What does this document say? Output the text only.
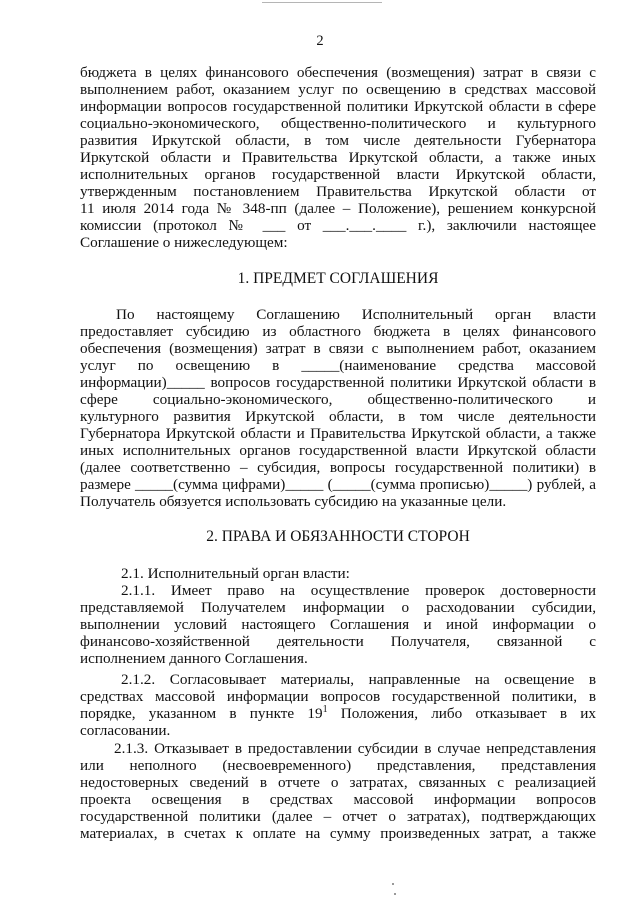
2
бюджета в целях финансового обеспечения (возмещения) затрат в связи с
выполнением работ, оказанием услуг по освещению в средствах массовой
информации вопросов государственной политики Иркутской области в сфере
социально-экономического, общественно-политического и культурного
развития Иркутской области, в том числе деятельности Губернатора
Иркутской области и Правительства Иркутской области, а также иных
исполнительных органов государственной власти Иркутской области,
утвержденным постановлением Правительства Иркутской области от
11 июля 2014 года № 348-пп (далее – Положение), решением конкурсной
комиссии (протокол № ___ от ___.___.____ г.), заключили настоящее
Соглашение о нижеследующем:
1. ПРЕДМЕТ СОГЛАШЕНИЯ
По настоящему Соглашению Исполнительный орган власти
предоставляет субсидию из областного бюджета в целях финансового
обеспечения (возмещения) затрат в связи с выполнением работ, оказанием
услуг по освещению в _____(наименование средства массовой
информации)_____ вопросов государственной политики Иркутской области в
сфере социально-экономического, общественно-политического и
культурного развития Иркутской области, в том числе деятельности
Губернатора Иркутской области и Правительства Иркутской области, а также
иных исполнительных органов государственной власти Иркутской области
(далее соответственно – субсидия, вопросы государственной политики) в
размере _____(сумма цифрами)_____ (_____(сумма прописью)_____) рублей, а
Получатель обязуется использовать субсидию на указанные цели.
2. ПРАВА И ОБЯЗАННОСТИ СТОРОН
2.1. Исполнительный орган власти:
2.1.1. Имеет право на осуществление проверок достоверности
представляемой Получателем информации о расходовании субсидии,
выполнении условий настоящего Соглашения и иной информации о
финансово-хозяйственной деятельности Получателя, связанной с
исполнением данного Соглашения.
2.1.2. Согласовывает материалы, направленные на освещение в
средствах массовой информации вопросов государственной политики, в
порядке, указанном в пункте $19^1$ Положения, либо отказывает в их
согласовании.
2.1.3. Отказывает в предоставлении субсидии в случае непредставления
или неполного (несвоевременного) представления, представления
недостоверных сведений в отчете о затратах, связанных с реализацией
проекта освещения в средствах массовой информации вопросов
государственной политики (далее – отчет о затратах), подтверждающих
материалах, в счетах к оплате на сумму произведенных затрат, а также
